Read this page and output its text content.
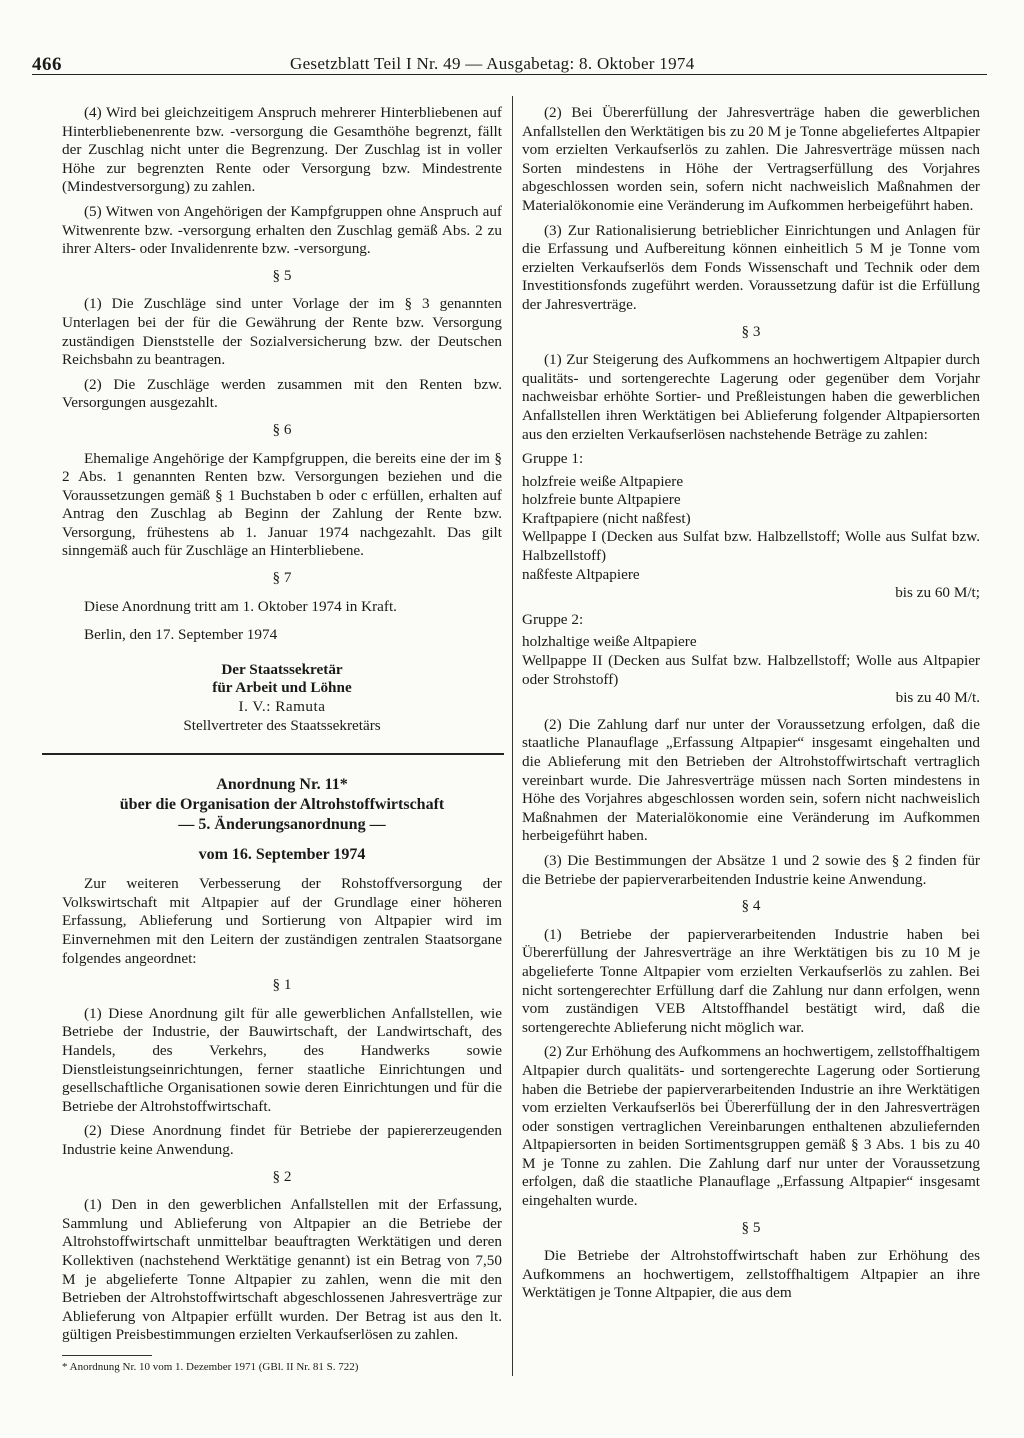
466	Gesetzblatt Teil I Nr. 49 — Ausgabetag: 8. Oktober 1974

(4) Wird bei gleichzeitigem Anspruch mehrerer Hinterbliebenen auf Hinterbliebenenrente bzw. -versorgung die Gesamthöhe begrenzt, fällt der Zuschlag nicht unter die Begrenzung. Der Zuschlag ist in voller Höhe zur begrenzten Rente oder Versorgung bzw. Mindestrente (Mindestversorgung) zu zahlen.

(5) Witwen von Angehörigen der Kampfgruppen ohne Anspruch auf Witwenrente bzw. -versorgung erhalten den Zuschlag gemäß Abs. 2 zu ihrer Alters- oder Invalidenrente bzw. -versorgung.

§ 5

(1) Die Zuschläge sind unter Vorlage der im § 3 genannten Unterlagen bei der für die Gewährung der Rente bzw. Versorgung zuständigen Dienststelle der Sozialversicherung bzw. der Deutschen Reichsbahn zu beantragen.

(2) Die Zuschläge werden zusammen mit den Renten bzw. Versorgungen ausgezahlt.

§ 6

Ehemalige Angehörige der Kampfgruppen, die bereits eine der im § 2 Abs. 1 genannten Renten bzw. Versorgungen beziehen und die Voraussetzungen gemäß § 1 Buchstaben b oder c erfüllen, erhalten auf Antrag den Zuschlag ab Beginn der Zahlung der Rente bzw. Versorgung, frühestens ab 1. Januar 1974 nachgezahlt. Das gilt sinngemäß auch für Zuschläge an Hinterbliebene.

§ 7

Diese Anordnung tritt am 1. Oktober 1974 in Kraft.

Berlin, den 17. September 1974

Der Staatssekretär

für Arbeit und Löhne

I. V.: Ramuta

Stellvertreter des Staatssekretärs

Anordnung Nr. 11*

über die Organisation der Altrohstoffwirtschaft

— 5. Änderungsanordnung —

vom 16. September 1974

Zur weiteren Verbesserung der Rohstoffversorgung der Volkswirtschaft mit Altpapier auf der Grundlage einer höheren Erfassung, Ablieferung und Sortierung von Altpapier wird im Einvernehmen mit den Leitern der zuständigen zentralen Staatsorgane folgendes angeordnet:

§ 1

(1) Diese Anordnung gilt für alle gewerblichen Anfallstellen, wie Betriebe der Industrie, der Bauwirtschaft, der Landwirtschaft, des Handels, des Verkehrs, des Handwerks sowie Dienstleistungseinrichtungen, ferner staatliche Einrichtungen und gesellschaftliche Organisationen sowie deren Einrichtungen und für die Betriebe der Altrohstoffwirtschaft.

(2) Diese Anordnung findet für Betriebe der papiererzeugenden Industrie keine Anwendung.

§ 2

(1) Den in den gewerblichen Anfallstellen mit der Erfassung, Sammlung und Ablieferung von Altpapier an die Betriebe der Altrohstoffwirtschaft unmittelbar beauftragten Werktätigen und deren Kollektiven (nachstehend Werktätige genannt) ist ein Betrag von 7,50 M je abgelieferte Tonne Altpapier zu zahlen, wenn die mit den Betrieben der Altrohstoffwirtschaft abgeschlossenen Jahresverträge zur Ablieferung von Altpapier erfüllt wurden. Der Betrag ist aus den lt. gültigen Preisbestimmungen erzielten Verkaufserlösen zu zahlen.

* Anordnung Nr. 10 vom 1. Dezember 1971 (GBl. II Nr. 81 S. 722)

(2) Bei Übererfüllung der Jahresverträge haben die gewerblichen Anfallstellen den Werktätigen bis zu 20 M je Tonne abgeliefertes Altpapier vom erzielten Verkaufserlös zu zahlen. Die Jahresverträge müssen nach Sorten mindestens in Höhe der Vertragserfüllung des Vorjahres abgeschlossen worden sein, sofern nicht nachweislich Maßnahmen der Materialökonomie eine Veränderung im Aufkommen herbeigeführt haben.

(3) Zur Rationalisierung betrieblicher Einrichtungen und Anlagen für die Erfassung und Aufbereitung können einheitlich 5 M je Tonne vom erzielten Verkaufserlös dem Fonds Wissenschaft und Technik oder dem Investitionsfonds zugeführt werden. Voraussetzung dafür ist die Erfüllung der Jahresverträge.

§ 3

(1) Zur Steigerung des Aufkommens an hochwertigem Altpapier durch qualitäts- und sortengerechte Lagerung oder gegenüber dem Vorjahr nachweisbar erhöhte Sortier- und Preßleistungen haben die gewerblichen Anfallstellen ihren Werktätigen bei Ablieferung folgender Altpapiersorten aus den erzielten Verkaufserlösen nachstehende Beträge zu zahlen:

Gruppe 1:

holzfreie weiße Altpapiere

holzfreie bunte Altpapiere

Kraftpapiere (nicht naßfest)

Wellpappe I (Decken aus Sulfat bzw. Halbzellstoff; Wolle aus Sulfat bzw. Halbzellstoff)

naßfeste Altpapiere

bis zu 60 M/t;

Gruppe 2:

holzhaltige weiße Altpapiere

Wellpappe II (Decken aus Sulfat bzw. Halbzellstoff; Wolle aus Altpapier oder Strohstoff)

bis zu 40 M/t.

(2) Die Zahlung darf nur unter der Voraussetzung erfolgen, daß die staatliche Planauflage „Erfassung Altpapier“ insgesamt eingehalten und die Ablieferung mit den Betrieben der Altrohstoffwirtschaft vertraglich vereinbart wurde. Die Jahresverträge müssen nach Sorten mindestens in Höhe des Vorjahres abgeschlossen worden sein, sofern nicht nachweislich Maßnahmen der Materialökonomie eine Veränderung im Aufkommen herbeigeführt haben.

(3) Die Bestimmungen der Absätze 1 und 2 sowie des § 2 finden für die Betriebe der papierverarbeitenden Industrie keine Anwendung.

§ 4

(1) Betriebe der papierverarbeitenden Industrie haben bei Übererfüllung der Jahresverträge an ihre Werktätigen bis zu 10 M je abgelieferte Tonne Altpapier vom erzielten Verkaufserlös zu zahlen. Bei nicht sortengerechter Erfüllung darf die Zahlung nur dann erfolgen, wenn vom zuständigen VEB Altstoffhandel bestätigt wird, daß die sortengerechte Ablieferung nicht möglich war.

(2) Zur Erhöhung des Aufkommens an hochwertigem, zellstoffhaltigem Altpapier durch qualitäts- und sortengerechte Lagerung oder Sortierung haben die Betriebe der papierverarbeitenden Industrie an ihre Werktätigen vom erzielten Verkaufserlös bei Übererfüllung der in den Jahresverträgen oder sonstigen vertraglichen Vereinbarungen enthaltenen abzuliefernden Altpapiersorten in beiden Sortimentsgruppen gemäß § 3 Abs. 1 bis zu 40 M je Tonne zu zahlen. Die Zahlung darf nur unter der Voraussetzung erfolgen, daß die staatliche Planauflage „Erfassung Altpapier“ insgesamt eingehalten wurde.

§ 5

Die Betriebe der Altrohstoffwirtschaft haben zur Erhöhung des Aufkommens an hochwertigem, zellstoffhaltigem Altpapier an ihre Werktätigen je Tonne Altpapier, die aus dem
